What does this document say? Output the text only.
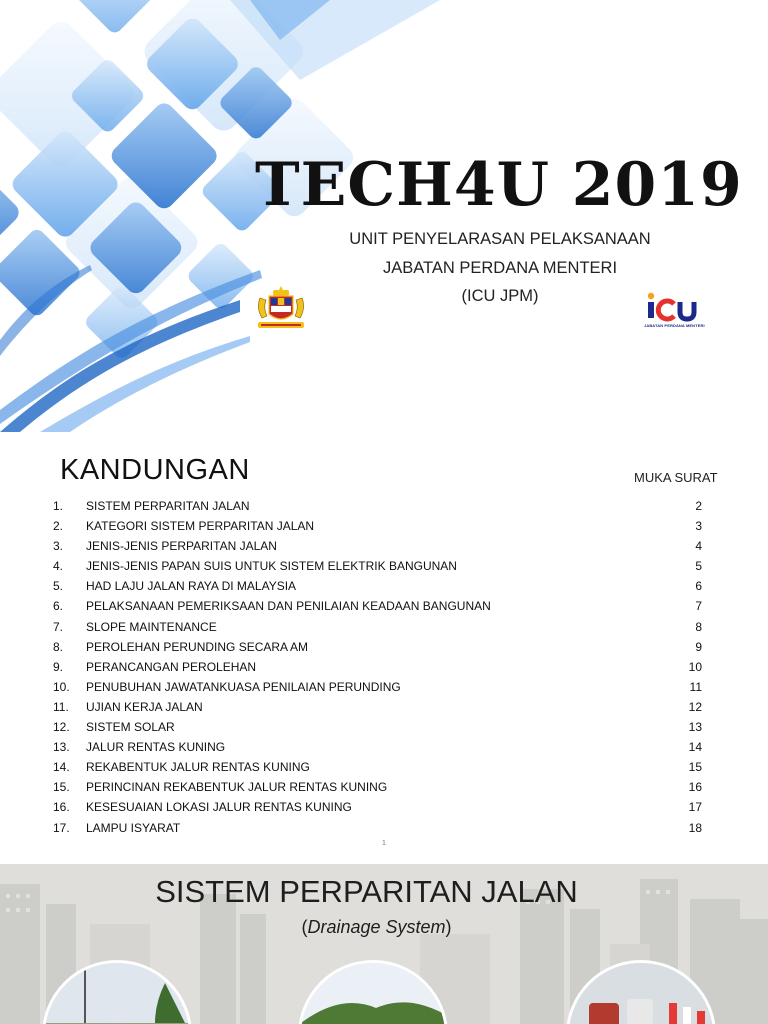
TECH4U 2019

UNIT PENYELARASAN PELAKSANAAN

JABATAN PERDANA MENTERI

(ICU JPM)

JABATAN PERDANA MENTERI
KANDUNGAN	MUKA SURAT
1. SISTEM PERPARITAN JALAN	2
2. KATEGORI SISTEM PERPARITAN JALAN	3
3. JENIS-JENIS PERPARITAN JALAN	4
4. JENIS-JENIS PAPAN SUIS UNTUK SISTEM ELEKTRIK BANGUNAN	5
5. HAD LAJU JALAN RAYA DI MALAYSIA	6
6. PELAKSANAAN PEMERIKSAAN DAN PENILAIAN KEADAAN BANGUNAN	7
7. SLOPE MAINTENANCE	8
8. PEROLEHAN PERUNDING SECARA AM	9
9. PERANCANGAN PEROLEHAN	10
10. PENUBUHAN JAWATANKUASA PENILAIAN PERUNDING	11
11. UJIAN KERJA JALAN	12
12. SISTEM SOLAR	13
13. JALUR RENTAS KUNING	14
14. REKABENTUK JALUR RENTAS KUNING	15
15. PERINCINAN REKABENTUK JALUR RENTAS KUNING	16
16. KESESUAIAN LOKASI JALUR RENTAS KUNING	17
17. LAMPU ISYARAT	18
1
SISTEM PERPARITAN JALAN
(Drainage System)
